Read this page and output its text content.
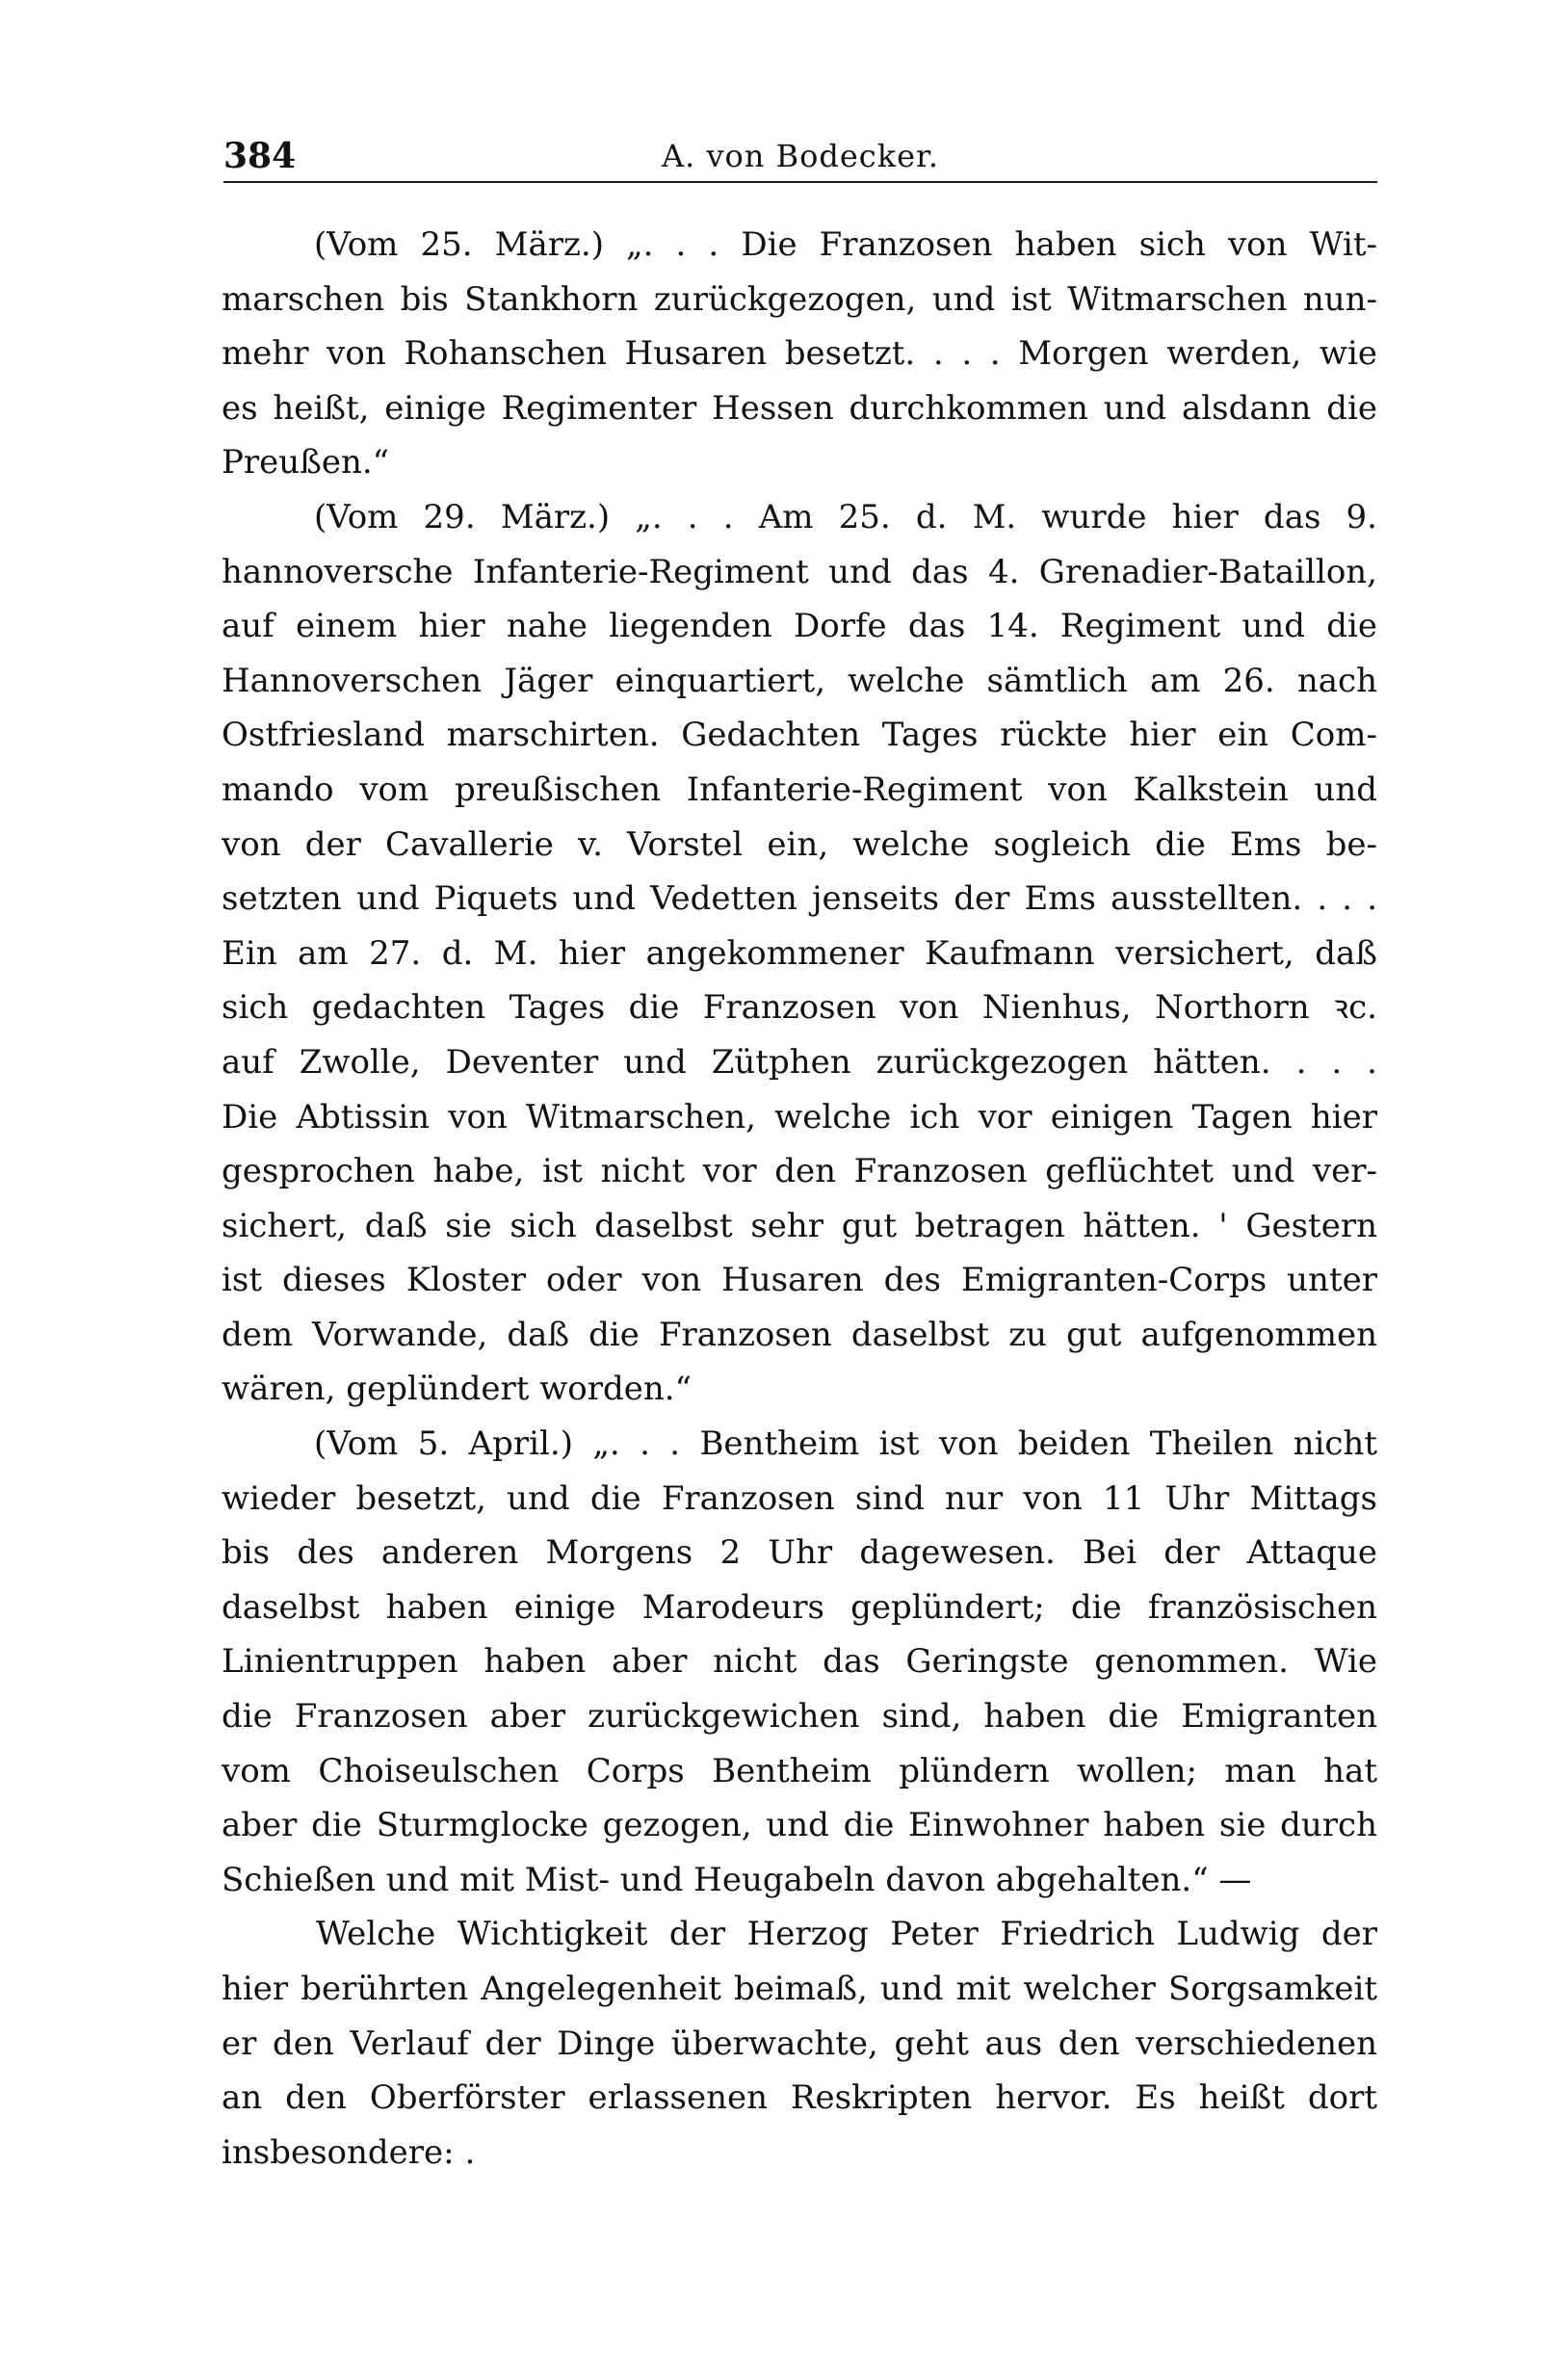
384	A. von Bodecker.
(Vom 25. März.) „. . . Die Franzosen haben sich von Wit-
marschen bis Stankhorn zurückgezogen, und ist Witmarschen nun-
mehr von Rohanschen Husaren besetzt. . . . Morgen werden, wie
es heißt, einige Regimenter Hessen durchkommen und alsdann die
Preußen.“
(Vom 29. März.) „. . . Am 25. d. M. wurde hier das 9.
hannoversche Infanterie-Regiment und das 4. Grenadier-Bataillon,
auf einem hier nahe liegenden Dorfe das 14. Regiment und die
Hannoverschen Jäger einquartiert, welche sämtlich am 26. nach
Ostfriesland marschirten. Gedachten Tages rückte hier ein Com-
mando vom preußischen Infanterie-Regiment von Kalkstein und
von der Cavallerie v. Vorstel ein, welche sogleich die Ems be-
setzten und Piquets und Vedetten jenseits der Ems ausstellten. . . .
Ein am 27. d. M. hier angekommener Kaufmann versichert, daß
sich gedachten Tages die Franzosen von Nienhus, Northorn ꝛc.
auf Zwolle, Deventer und Zütphen zurückgezogen hätten. . . .
Die Abtissin von Witmarschen, welche ich vor einigen Tagen hier
gesprochen habe, ist nicht vor den Franzosen geflüchtet und ver-
sichert, daß sie sich daselbst sehr gut betragen hätten. ' Gestern
ist dieses Kloster oder von Husaren des Emigranten-Corps unter
dem Vorwande, daß die Franzosen daselbst zu gut aufgenommen
wären, geplündert worden.“
(Vom 5. April.) „. . . Bentheim ist von beiden Theilen nicht
wieder besetzt, und die Franzosen sind nur von 11 Uhr Mittags
bis des anderen Morgens 2 Uhr dagewesen. Bei der Attaque
daselbst haben einige Marodeurs geplündert; die französischen
Linientruppen haben aber nicht das Geringste genommen. Wie
die Franzosen aber zurückgewichen sind, haben die Emigranten
vom Choiseulschen Corps Bentheim plündern wollen; man hat
aber die Sturmglocke gezogen, und die Einwohner haben sie durch
Schießen und mit Mist- und Heugabeln davon abgehalten.“ —
Welche Wichtigkeit der Herzog Peter Friedrich Ludwig der
hier berührten Angelegenheit beimaß, und mit welcher Sorgsamkeit
er den Verlauf der Dinge überwachte, geht aus den verschiedenen
an den Oberförster erlassenen Reskripten hervor. Es heißt dort
insbesondere: .
